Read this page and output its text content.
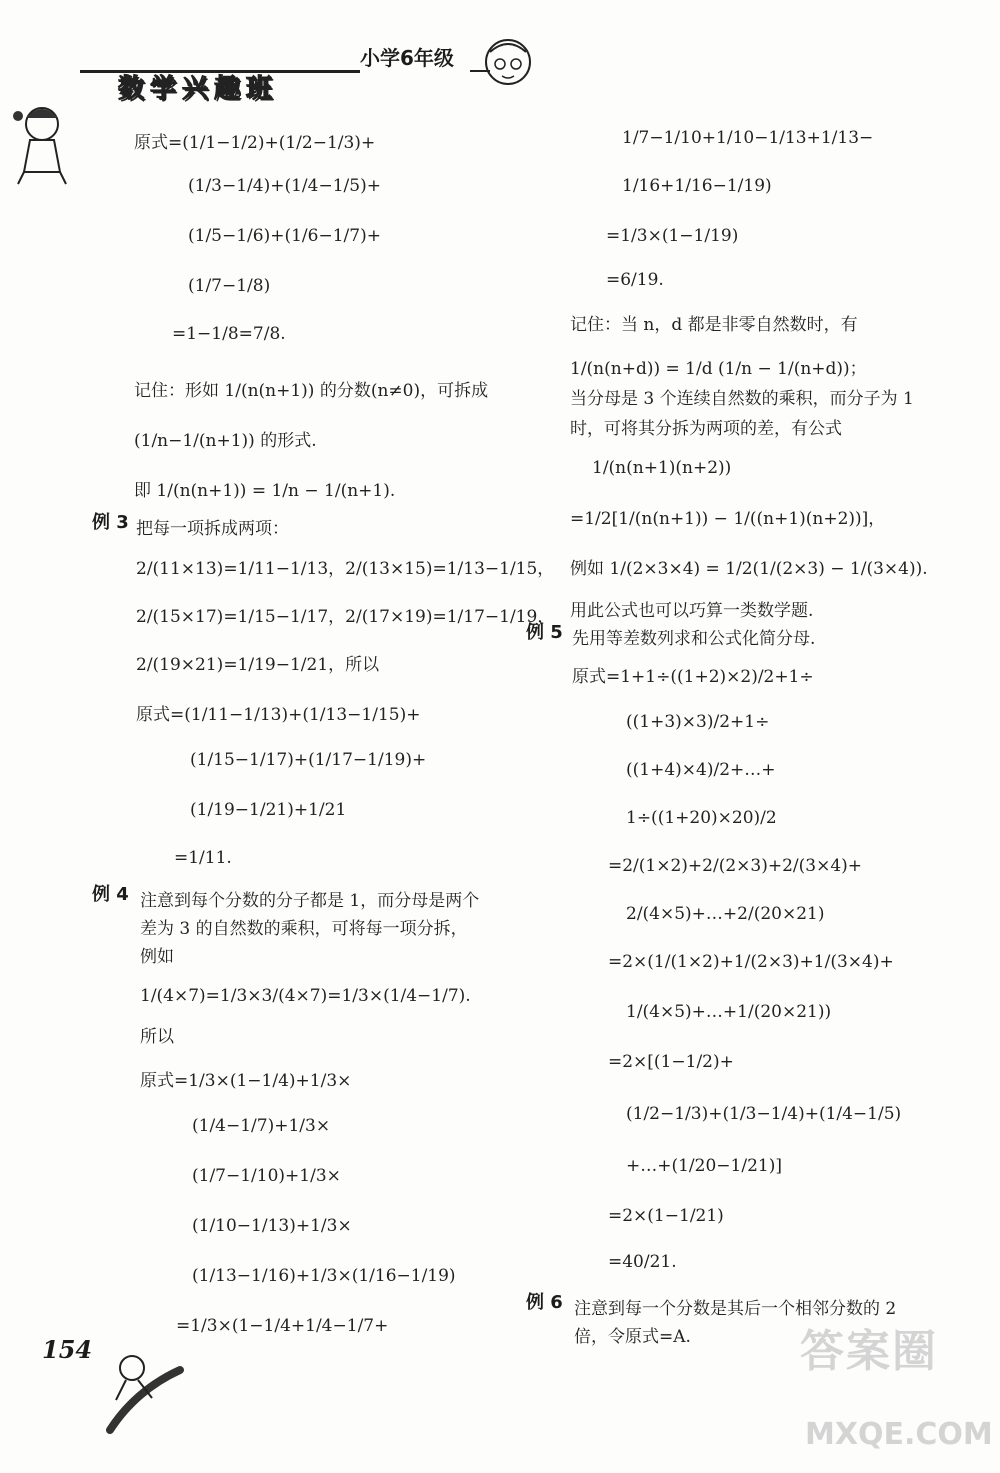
小学6年级
数学兴趣班
原式=(1/1−1/2)+(1/2−1/3)+
(1/3−1/4)+(1/4−1/5)+
(1/5−1/6)+(1/6−1/7)+
(1/7−1/8)
=1−1/8=7/8.
记住：形如 1/(n(n+1)) 的分数(n≠0)，可拆成
(1/n−1/(n+1)) 的形式.
即 1/(n(n+1)) = 1/n − 1/(n+1).
例 3 把每一项拆成两项：
2/(11×13)=1/11−1/13，2/(13×15)=1/13−1/15，
2/(15×17)=1/15−1/17，2/(17×19)=1/17−1/19，
2/(19×21)=1/19−1/21，所以
原式=(1/11−1/13)+(1/13−1/15)+
(1/15−1/17)+(1/17−1/19)+
(1/19−1/21)+1/21
=1/11.
例 4 注意到每个分数的分子都是 1，而分母是两个
差为 3 的自然数的乘积，可将每一项分拆，
例如
1/(4×7)=1/3×3/(4×7)=1/3×(1/4−1/7).
所以
原式=1/3×(1−1/4)+1/3×
(1/4−1/7)+1/3×
(1/7−1/10)+1/3×
(1/10−1/13)+1/3×
(1/13−1/16)+1/3×(1/16−1/19)
=1/3×(1−1/4+1/4−1/7+
1/7−1/10+1/10−1/13+1/13−
1/16+1/16−1/19)
=1/3×(1−1/19)
=6/19.
记住：当 n，d 都是非零自然数时，有
1/(n(n+d)) = 1/d (1/n − 1/(n+d))；
当分母是 3 个连续自然数的乘积，而分子为 1
时，可将其分拆为两项的差，有公式
1/(n(n+1)(n+2))
=1/2[1/(n(n+1)) − 1/((n+1)(n+2))]，
例如 1/(2×3×4) = 1/2(1/(2×3) − 1/(3×4)).
用此公式也可以巧算一类数学题.
例 5 先用等差数列求和公式化简分母.
原式=1+1÷((1+2)×2)/2+1÷
((1+3)×3)/2+1÷
((1+4)×4)/2+…+
1÷((1+20)×20)/2
=2/(1×2)+2/(2×3)+2/(3×4)+
2/(4×5)+…+2/(20×21)
=2×(1/(1×2)+1/(2×3)+1/(3×4)+
1/(4×5)+…+1/(20×21))
=2×[(1−1/2)+
(1/2−1/3)+(1/3−1/4)+(1/4−1/5)
+…+(1/20−1/21)]
=2×(1−1/21)
=40/21.
例 6 注意到每一个分数是其后一个相邻分数的 2
倍，令原式=A.
154	答案圈
MXQE.COM
